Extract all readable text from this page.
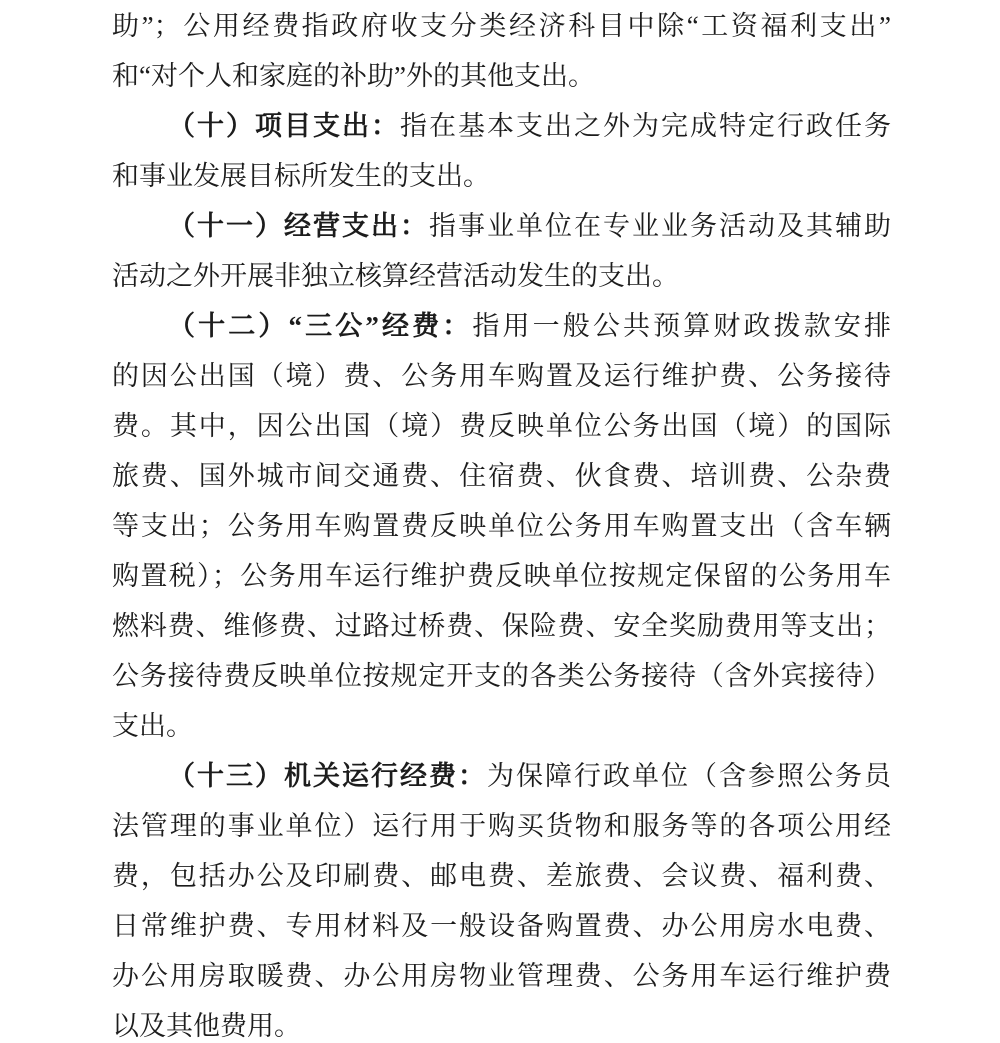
助”；公用经费指政府收支分类经济科目中除“工资福利支出”
和“对个人和家庭的补助”外的其他支出。
（十）项目支出：指在基本支出之外为完成特定行政任务
和事业发展目标所发生的支出。
（十一）经营支出：指事业单位在专业业务活动及其辅助
活动之外开展非独立核算经营活动发生的支出。
（十二）“三公”经费：指用一般公共预算财政拨款安排
的因公出国（境）费、公务用车购置及运行维护费、公务接待
费。其中，因公出国（境）费反映单位公务出国（境）的国际
旅费、国外城市间交通费、住宿费、伙食费、培训费、公杂费
等支出；公务用车购置费反映单位公务用车购置支出（含车辆
购置税）；公务用车运行维护费反映单位按规定保留的公务用车
燃料费、维修费、过路过桥费、保险费、安全奖励费用等支出；
公务接待费反映单位按规定开支的各类公务接待（含外宾接待）
支出。
（十三）机关运行经费：为保障行政单位（含参照公务员
法管理的事业单位）运行用于购买货物和服务等的各项公用经
费，包括办公及印刷费、邮电费、差旅费、会议费、福利费、
日常维护费、专用材料及一般设备购置费、办公用房水电费、
办公用房取暖费、办公用房物业管理费、公务用车运行维护费
以及其他费用。
